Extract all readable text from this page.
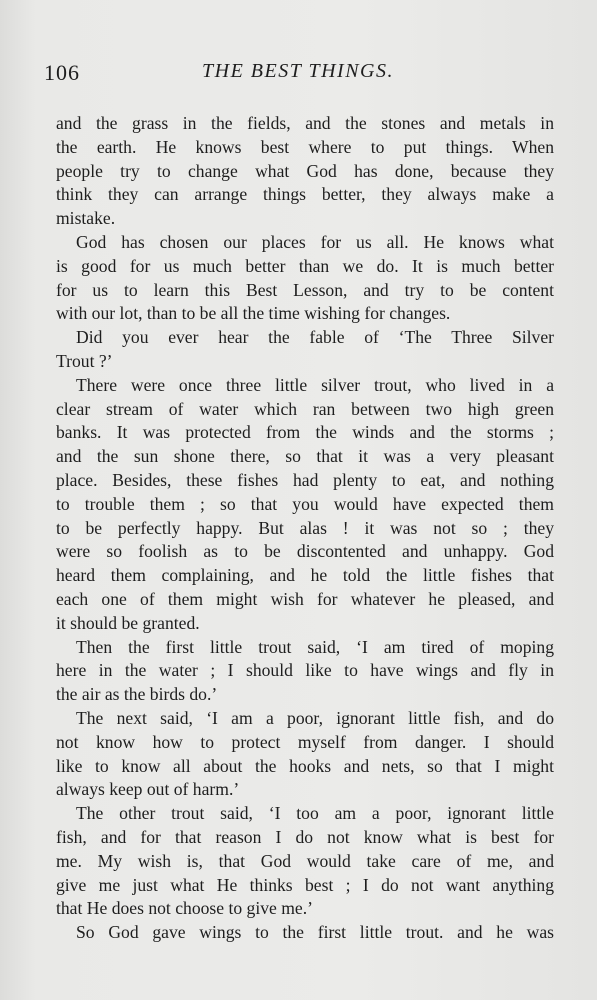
106	THE BEST THINGS.
and the grass in the fields, and the stones and metals in
the earth. He knows best where to put things. When
people try to change what God has done, because they
think they can arrange things better, they always make a
mistake.
God has chosen our places for us all. He knows what
is good for us much better than we do. It is much better
for us to learn this Best Lesson, and try to be content
with our lot, than to be all the time wishing for changes.
Did you ever hear the fable of ‘The Three Silver
Trout ?’
There were once three little silver trout, who lived in a
clear stream of water which ran between two high green
banks. It was protected from the winds and the storms ;
and the sun shone there, so that it was a very pleasant
place. Besides, these fishes had plenty to eat, and nothing
to trouble them ; so that you would have expected them
to be perfectly happy. But alas ! it was not so ; they
were so foolish as to be discontented and unhappy. God
heard them complaining, and he told the little fishes that
each one of them might wish for whatever he pleased, and
it should be granted.
Then the first little trout said, ‘I am tired of moping
here in the water ; I should like to have wings and fly in
the air as the birds do.’
The next said, ‘I am a poor, ignorant little fish, and do
not know how to protect myself from danger. I should
like to know all about the hooks and nets, so that I might
always keep out of harm.’
The other trout said, ‘I too am a poor, ignorant little
fish, and for that reason I do not know what is best for
me. My wish is, that God would take care of me, and
give me just what He thinks best ; I do not want anything
that He does not choose to give me.’
So God gave wings to the first little trout. and he was
